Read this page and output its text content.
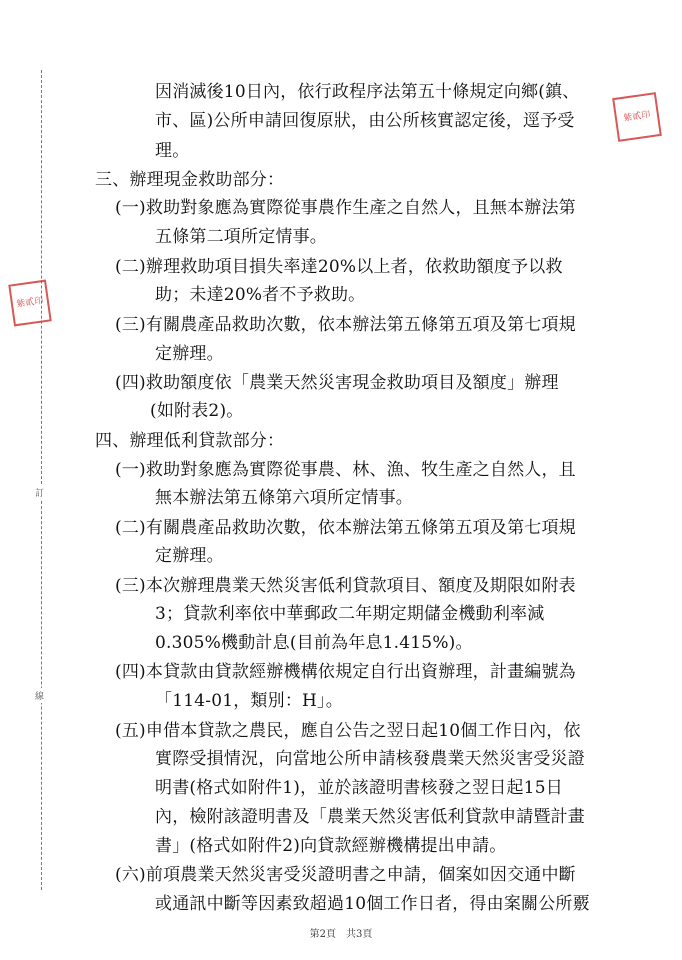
訂
線
紫貳印
紫貳印
因消滅後10日內，依行政程序法第五十條規定向鄉(鎮、
市、區)公所申請回復原狀，由公所核實認定後，逕予受
理。
三、辦理現金救助部分：
(一)救助對象應為實際從事農作生產之自然人，且無本辦法第
五條第二項所定情事。
(二)辦理救助項目損失率達20%以上者，依救助額度予以救
助；未達20%者不予救助。
(三)有關農產品救助次數，依本辦法第五條第五項及第七項規
定辦理。
(四)救助額度依「農業天然災害現金救助項目及額度」辦理
(如附表2)。
四、辦理低利貸款部分：
(一)救助對象應為實際從事農、林、漁、牧生產之自然人，且
無本辦法第五條第六項所定情事。
(二)有關農產品救助次數，依本辦法第五條第五項及第七項規
定辦理。
(三)本次辦理農業天然災害低利貸款項目、額度及期限如附表
3；貸款利率依中華郵政二年期定期儲金機動利率減
0.305%機動計息(目前為年息1.415%)。
(四)本貸款由貸款經辦機構依規定自行出資辦理，計畫編號為
「114-01，類別：H」。
(五)申借本貸款之農民，應自公告之翌日起10個工作日內，依
實際受損情況，向當地公所申請核發農業天然災害受災證
明書(格式如附件1)，並於該證明書核發之翌日起15日
內，檢附該證明書及「農業天然災害低利貸款申請暨計畫
書」(格式如附件2)向貸款經辦機構提出申請。
(六)前項農業天然災害受災證明書之申請，個案如因交通中斷
或通訊中斷等因素致超過10個工作日者，得由案關公所覈
第2頁　共3頁
